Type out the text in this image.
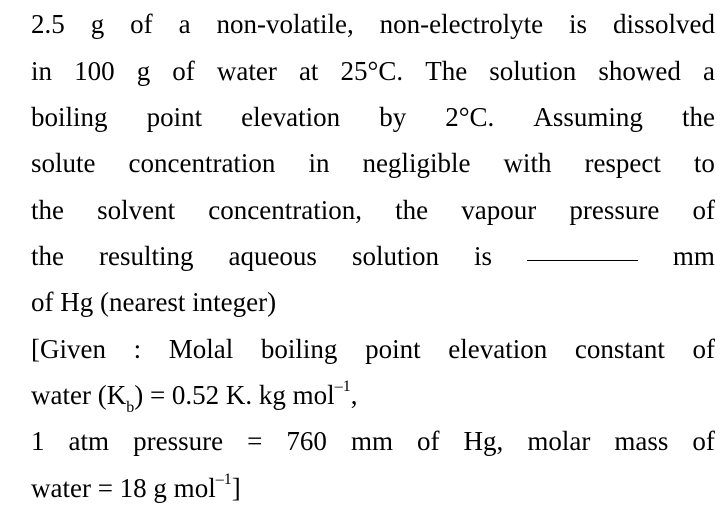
2.5 g of a non-volatile, non-electrolyte is dissolved
in 100 g of water at 25°C. The solution showed a
boiling point elevation by 2°C. Assuming the
solute concentration in negligible with respect to
the solvent concentration, the vapour pressure of
the resulting aqueous solution is	mm
of Hg (nearest integer)
[Given : Molal boiling point elevation constant of
water $(K_b) = 0.52$ K. kg mol$^{-1}$,
1 atm pressure = 760 mm of Hg, molar mass of
water = 18 g mol$^{-1}$]
